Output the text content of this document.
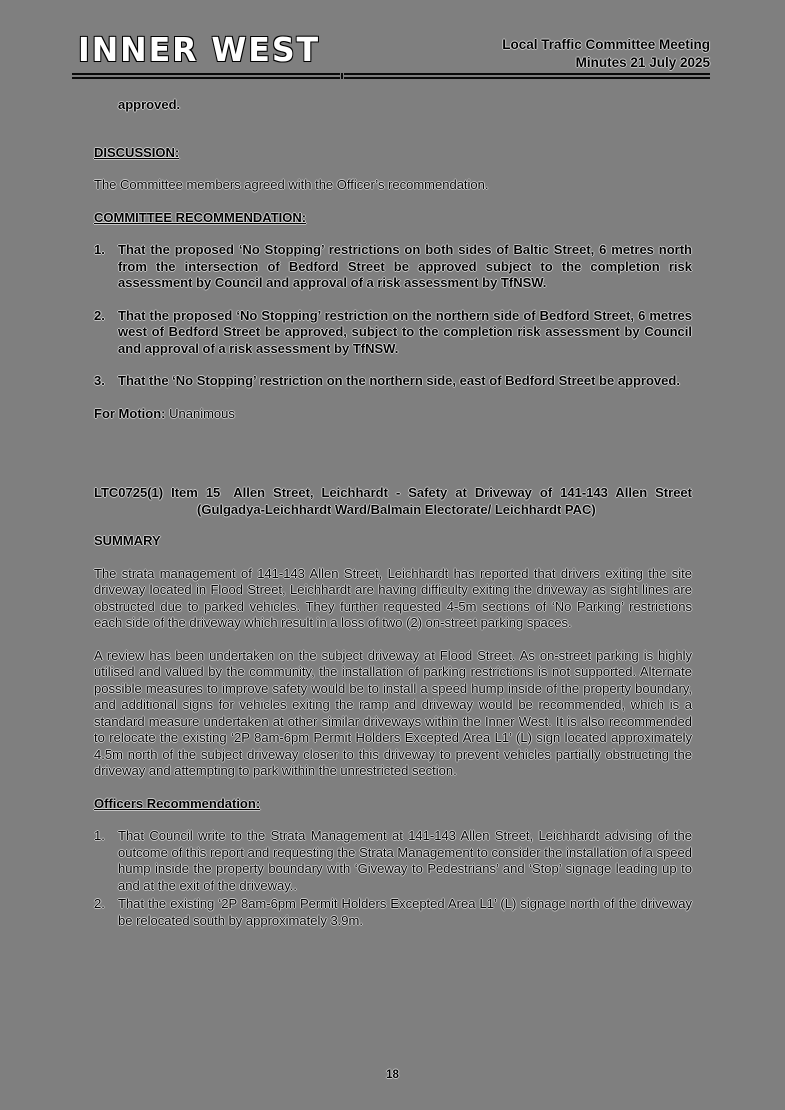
INNER WEST	Local Traffic Committee Meeting
Minutes 21 July 2025
approved.
DISCUSSION:
The Committee members agreed with the Officer’s recommendation.
COMMITTEE RECOMMENDATION:
1.	That the proposed ‘No Stopping’ restrictions on both sides of Baltic Street, 6 metres north from the intersection of Bedford Street be approved subject to the completion risk assessment by Council and approval of a risk assessment by TfNSW.
2.	That the proposed ‘No Stopping’ restriction on the northern side of Bedford Street, 6 metres west of Bedford Street be approved, subject to the completion risk assessment by Council and approval of a risk assessment by TfNSW.
3.	That the ‘No Stopping’ restriction on the northern side, east of Bedford Street be approved.
For Motion: Unanimous
LTC0725(1) Item 15 Allen Street, Leichhardt - Safety at Driveway of 141-143 Allen Street (Gulgadya-Leichhardt Ward/Balmain Electorate/ Leichhardt PAC)
SUMMARY
The strata management of 141-143 Allen Street, Leichhardt has reported that drivers exiting the site driveway located in Flood Street, Leichhardt are having difficulty exiting the driveway as sight lines are obstructed due to parked vehicles. They further requested 4-5m sections of ‘No Parking’ restrictions each side of the driveway which result in a loss of two (2) on-street parking spaces.
A review has been undertaken on the subject driveway at Flood Street. As on-street parking is highly utilised and valued by the community, the installation of parking restrictions is not supported. Alternate possible measures to improve safety would be to install a speed hump inside of the property boundary, and additional signs for vehicles exiting the ramp and driveway would be recommended, which is a standard measure undertaken at other similar driveways within the Inner West. It is also recommended to relocate the existing ‘2P 8am-6pm Permit Holders Excepted Area L1’ (L) sign located approximately 4.5m north of the subject driveway closer to this driveway to prevent vehicles partially obstructing the driveway and attempting to park within the unrestricted section.
Officers Recommendation:
1.	That Council write to the Strata Management at 141-143 Allen Street, Leichhardt advising of the outcome of this report and requesting the Strata Management to consider the installation of a speed hump inside the property boundary with ‘Giveway to Pedestrians’ and ‘Stop’ signage leading up to and at the exit of the driveway..
2.	That the existing ‘2P 8am-6pm Permit Holders Excepted Area L1’ (L) signage north of the driveway be relocated south by approximately 3.9m.
18
